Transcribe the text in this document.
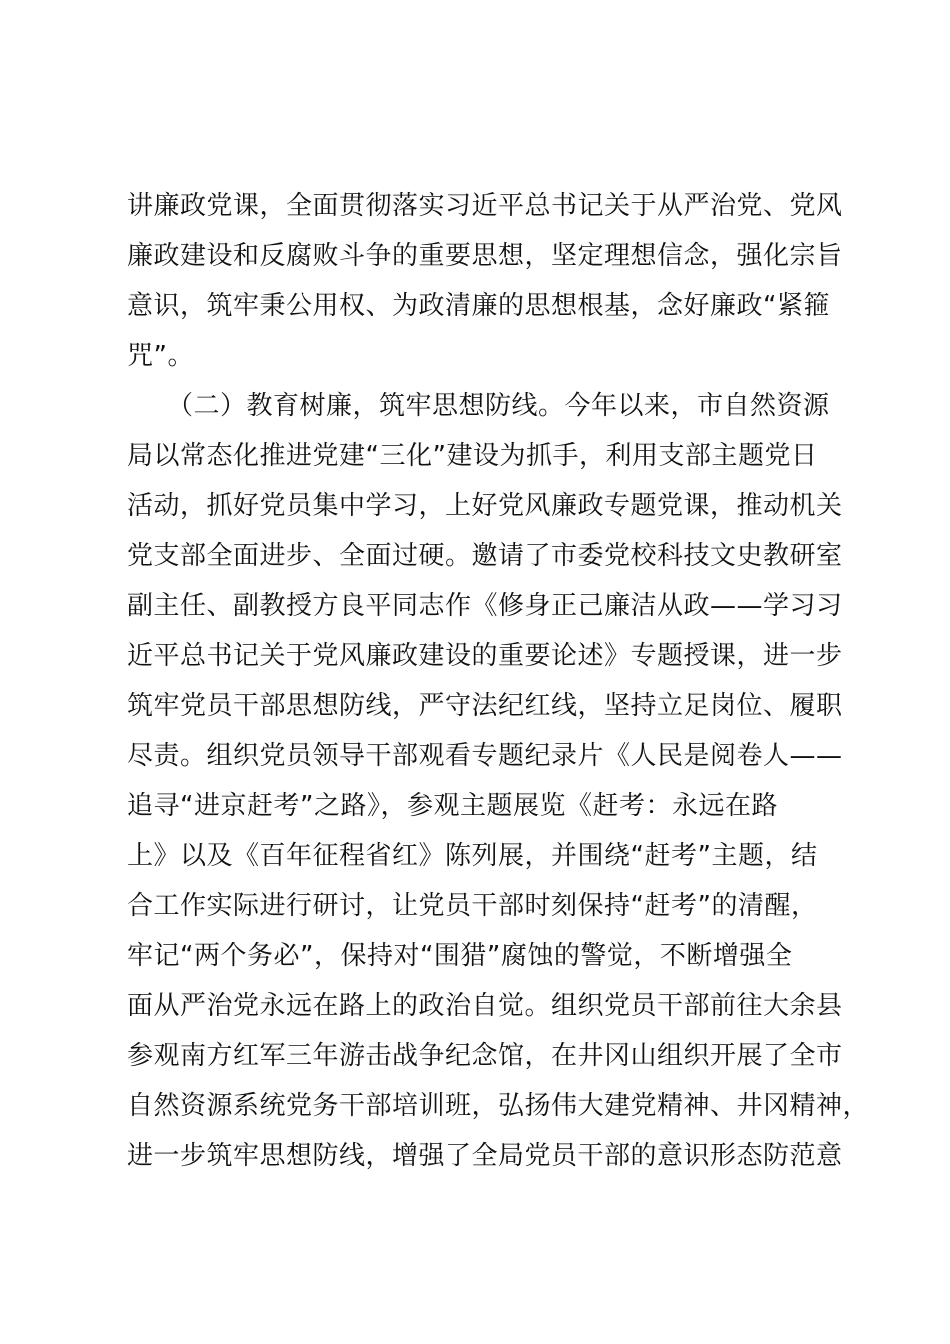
讲廉政党课，全面贯彻落实习近平总书记关于从严治党、党风
廉政建设和反腐败斗争的重要思想，坚定理想信念，强化宗旨
意识，筑牢秉公用权、为政清廉的思想根基，念好廉政“紧箍
咒”。
　　（二）教育树廉，筑牢思想防线。今年以来，市自然资源
局以常态化推进党建“三化”建设为抓手，利用支部主题党日
活动，抓好党员集中学习，上好党风廉政专题党课，推动机关
党支部全面进步、全面过硬。邀请了市委党校科技文史教研室
副主任、副教授方良平同志作《修身正己廉洁从政——学习习
近平总书记关于党风廉政建设的重要论述》专题授课，进一步
筑牢党员干部思想防线，严守法纪红线，坚持立足岗位、履职
尽责。组织党员领导干部观看专题纪录片《人民是阅卷人——
追寻“进京赶考”之路》，参观主题展览《赶考：永远在路
上》以及《百年征程省红》陈列展，并围绕“赶考”主题，结
合工作实际进行研讨，让党员干部时刻保持“赶考”的清醒，
牢记“两个务必”，保持对“围猎”腐蚀的警觉，不断增强全
面从严治党永远在路上的政治自觉。组织党员干部前往大余县
参观南方红军三年游击战争纪念馆，在井冈山组织开展了全市
自然资源系统党务干部培训班，弘扬伟大建党精神、井冈精神，
进一步筑牢思想防线，增强了全局党员干部的意识形态防范意
